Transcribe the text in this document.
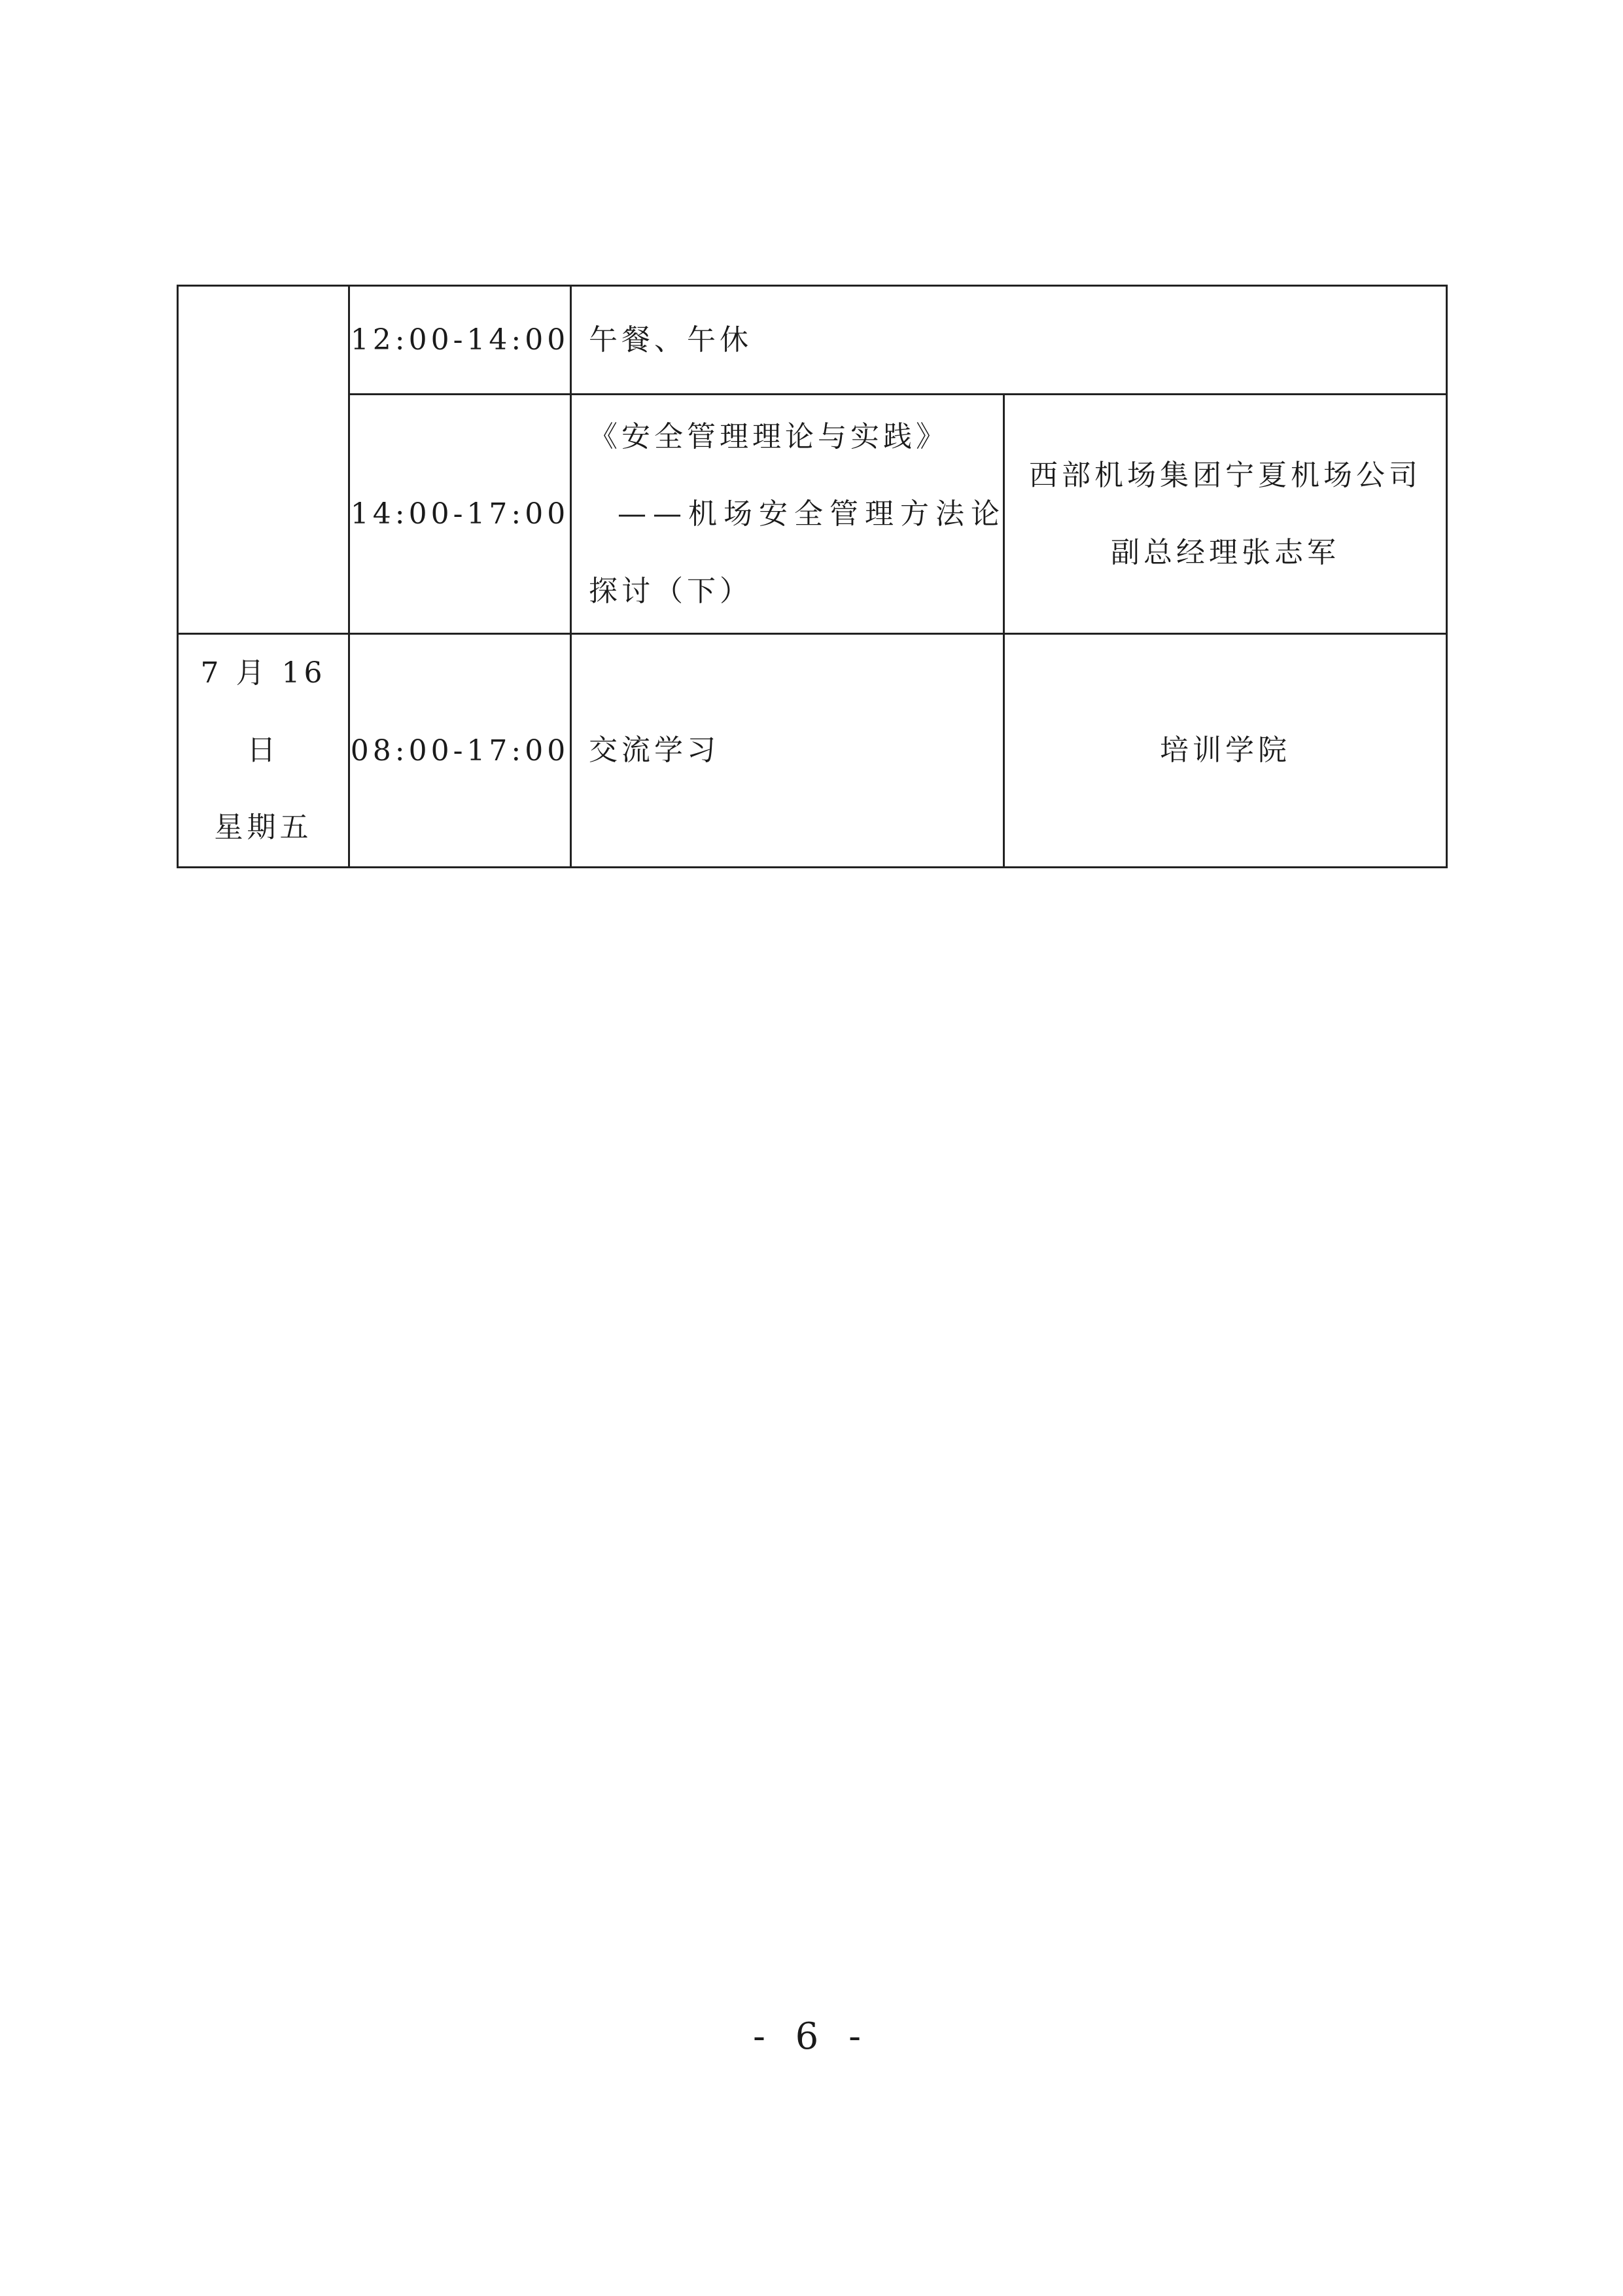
	12:00-14:00	午餐、午休	
	14:00-17:00	《安全管理理论与实践》
——机场安全管理方法论
探讨（下）	西部机场集团宁夏机场公司
副总经理张志军

7 月 16 日
星期五	08:00-17:00	交流学习	培训学院
- 6 -
